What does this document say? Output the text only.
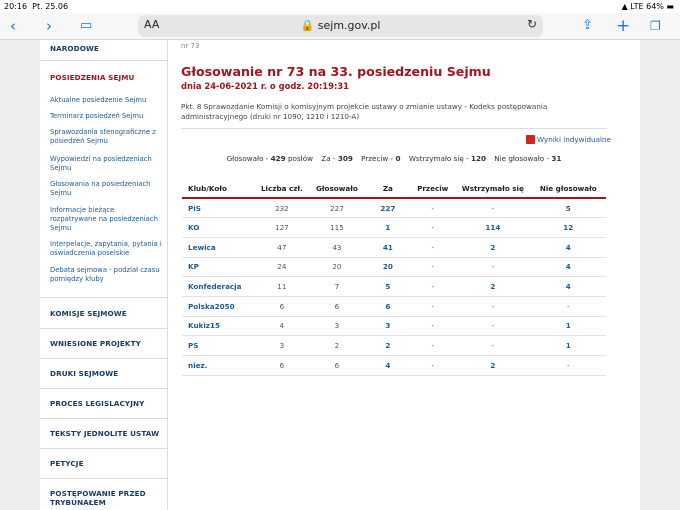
20:16 Pt. 25.06	▲ LTE 64% ▬
‹ › ▭	AA	🔒 sejm.gov.pl	↻	⇪ + ❐
NARODOWE
POSIEDZENIA SEJMU
Aktualne posiedzenie Sejmu
Terminarz posiedzeń Sejmu
Sprawozdania stenograficzne z posiedzeń Sejmu
Wypowiedzi na posiedzeniach Sejmu
Głosowania na posiedzeniach Sejmu
Informacje bieżące rozpatrywane na posiedzeniach Sejmu
Interpelacje, zapytania, pytania i oświadczenia poselskie
Debata sejmowa - podział czasu pomiędzy kluby
KOMISJE SEJMOWE
WNIESIONE PROJEKTY
DRUKI SEJMOWE
PROCES LEGISLACYJNY
TEKSTY JEDNOLITE USTAW
PETYCJE
POSTĘPOWANIE PRZED TRYBUNAŁEM
nr 73
Głosowanie nr 73 na 33. posiedzeniu Sejmu
dnia 24-06-2021 r. o godz. 20:19:31
Pkt. 8 Sprawozdanie Komisji o komisyjnym projekcie ustawy o zmianie ustawy - Kodeks postępowania administracyjnego (druki nr 1090, 1210 i 1210-A)
Wyniki indywidualne
Głosowało - 429 posłów Za - 309 Przeciw - 0 Wstrzymało się - 120 Nie głosowało - 31
Klub/Koło	Liczba czł.	Głosowało	Za	Przeciw	Wstrzymało się	Nie głosowało
PiS	232	227	227	-	-	5
KO	127	115	1	-	114	12
Lewica	47	43	41	-	2	4
KP	24	20	20	-	-	4
Konfederacja	11	7	5	-	2	4
Polska2050	6	6	6	-	-	-
Kukiz15	4	3	3	-	-	1
PS	3	2	2	-	-	1
niez.	6	6	4	-	2	-
